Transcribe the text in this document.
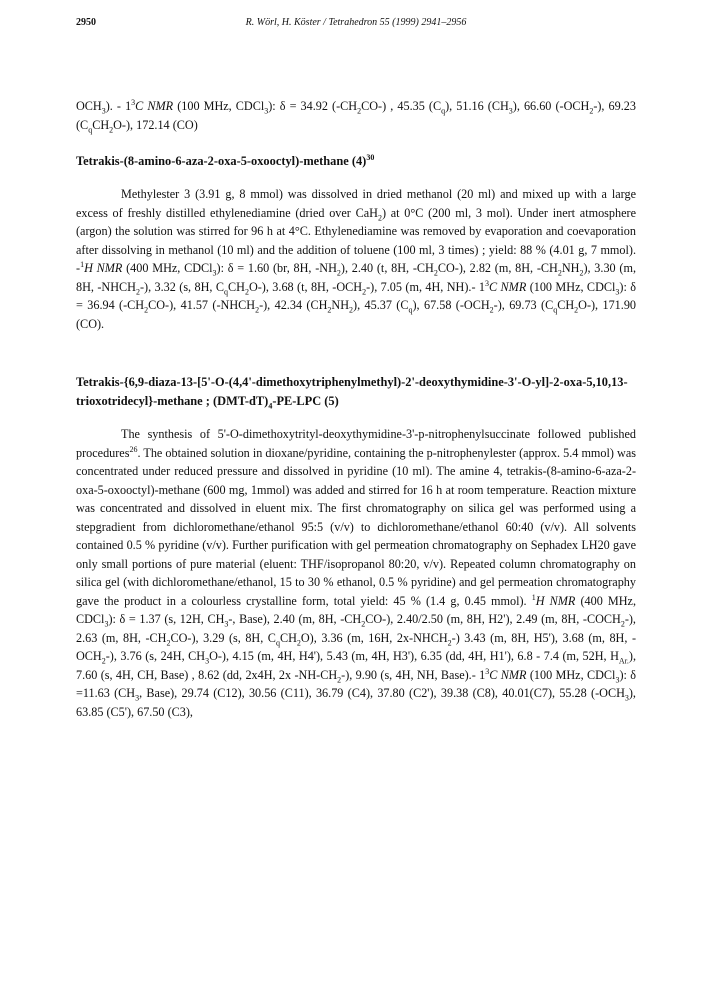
2950	R. Wörl, H. Köster / Tetrahedron 55 (1999) 2941–2956

$OCH_3$). - $1^3C$ NMR (100 MHz, CDCl$_3$): δ = 34.92 $(-CH_2CO-)$ , 45.35 $(C_q)$, 51.16 $(CH_3)$, 66.60 $(-OCH_2-)$, 69.23 $(C_qCH_2O-)$, 172.14 (CO)

Tetrakis-(8-amino-6-aza-2-oxa-5-oxooctyl)-methane $(4)^{30}$

Methylester 3 (3.91 g, 8 mmol) was dissolved in dried methanol (20 ml) and mixed up with a large excess of freshly distilled ethylenediamine (dried over CaH$_2$) at 0°C (200 ml, 3 mol). Under inert atmosphere (argon) the solution was stirred for 96 h at 4°C. Ethylenediamine was removed by evaporation and coevaporation after dissolving in methanol (10 ml) and the addition of toluene (100 ml, 3 times) ; yield: 88 % (4.01 g, 7 mmol). -$^1$H NMR (400 MHz, CDCl$_3$): δ = 1.60 (br, 8H, $-NH_2$), 2.40 (t, 8H, $-CH_2CO-$), 2.82 (m, 8H, $-CH_2NH_2$), 3.30 (m, 8H, $-NHCH_2-$), 3.32 (s, 8H, $C_qCH_2O-$), 3.68 (t, 8H, $-OCH_2-$), 7.05 (m, 4H, NH).- $1^3C$ NMR (100 MHz, CDCl$_3$): δ = 36.94 $(-CH_2CO-)$, 41.57 $(-NHCH_2-)$, 42.34 $(CH_2NH_2)$, 45.37 $(C_q)$, 67.58 $(-OCH_2-)$, 69.73 $(C_qCH_2O-)$, 171.90 (CO).

Tetrakis-{6,9-diaza-13-[5'-O-(4,4'-dimethoxytriphenylmethyl)-2'-deoxythymidine-3'-O-yl]-2-oxa-5,10,13-trioxotridecyl}-methane ; $(DMT-dT)_4-PE$-LPC (5)

The synthesis of 5'-O-dimethoxytrityl-deoxythymidine-3'-p-nitrophenylsuccinate followed published procedures$^{26}$. The obtained solution in dioxane/pyridine, containing the p-nitrophenylester (approx. 5.4 mmol) was concentrated under reduced pressure and dissolved in pyridine (10 ml). The amine 4, tetrakis-(8-amino-6-aza-2-oxa-5-oxooctyl)-methane (600 mg, 1mmol) was added and stirred for 16 h at room temperature. Reaction mixture was concentrated and dissolved in eluent mix. The first chromatography on silica gel was performed using a stepgradient from dichloromethane/ethanol 95:5 (v/v) to dichloromethane/ethanol 60:40 (v/v). All solvents contained 0.5 % pyridine (v/v). Further purification with gel permeation chromatography on Sephadex LH20 gave only small portions of pure material (eluent: THF/isopropanol 80:20, v/v). Repeated column chromatography on silica gel (with dichloromethane/ethanol, 15 to 30 % ethanol, 0.5 % pyridine) and gel permeation chromatography gave the product in a colourless crystalline form, total yield: 45 % (1.4 g, 0.45 mmol). $^1$H NMR (400 MHz, CDCl$_3$): δ = 1.37 (s, 12H, $CH_3-$, Base), 2.40 (m, 8H, $-CH_2CO-$), 2.40/2.50 (m, 8H, H2'), 2.49 (m, 8H, $-COCH_2-$), 2.63 (m, 8H, $-CH_2CO-$), 3.29 (s, 8H, $C_qCH_2O$), 3.36 (m, 16H, $2x-NHCH_2-$) 3.43 (m, 8H, H5'), 3.68 (m, 8H, $-OCH_2-$), 3.76 (s, 24H, $CH_3O-$), 4.15 (m, 4H, H4'), 5.43 (m, 4H, H3'), 6.35 (dd, 4H, H1'), 6.8 - 7.4 (m, 52H, $H_{Ar.}$), 7.60 (s, 4H, CH, Base) , 8.62 (dd, 2x4H, 2x $-NH-CH_2-$), 9.90 (s, 4H, NH, Base).- $1^3C$ NMR (100 MHz, CDCl$_3$): δ =11.63 ($CH_3$, Base), 29.74 (C12), 30.56 (C11), 36.79 (C4), 37.80 (C2'), 39.38 (C8), 40.01(C7), 55.28 $(-OCH_3)$, 63.85 (C5'), 67.50 (C3),
